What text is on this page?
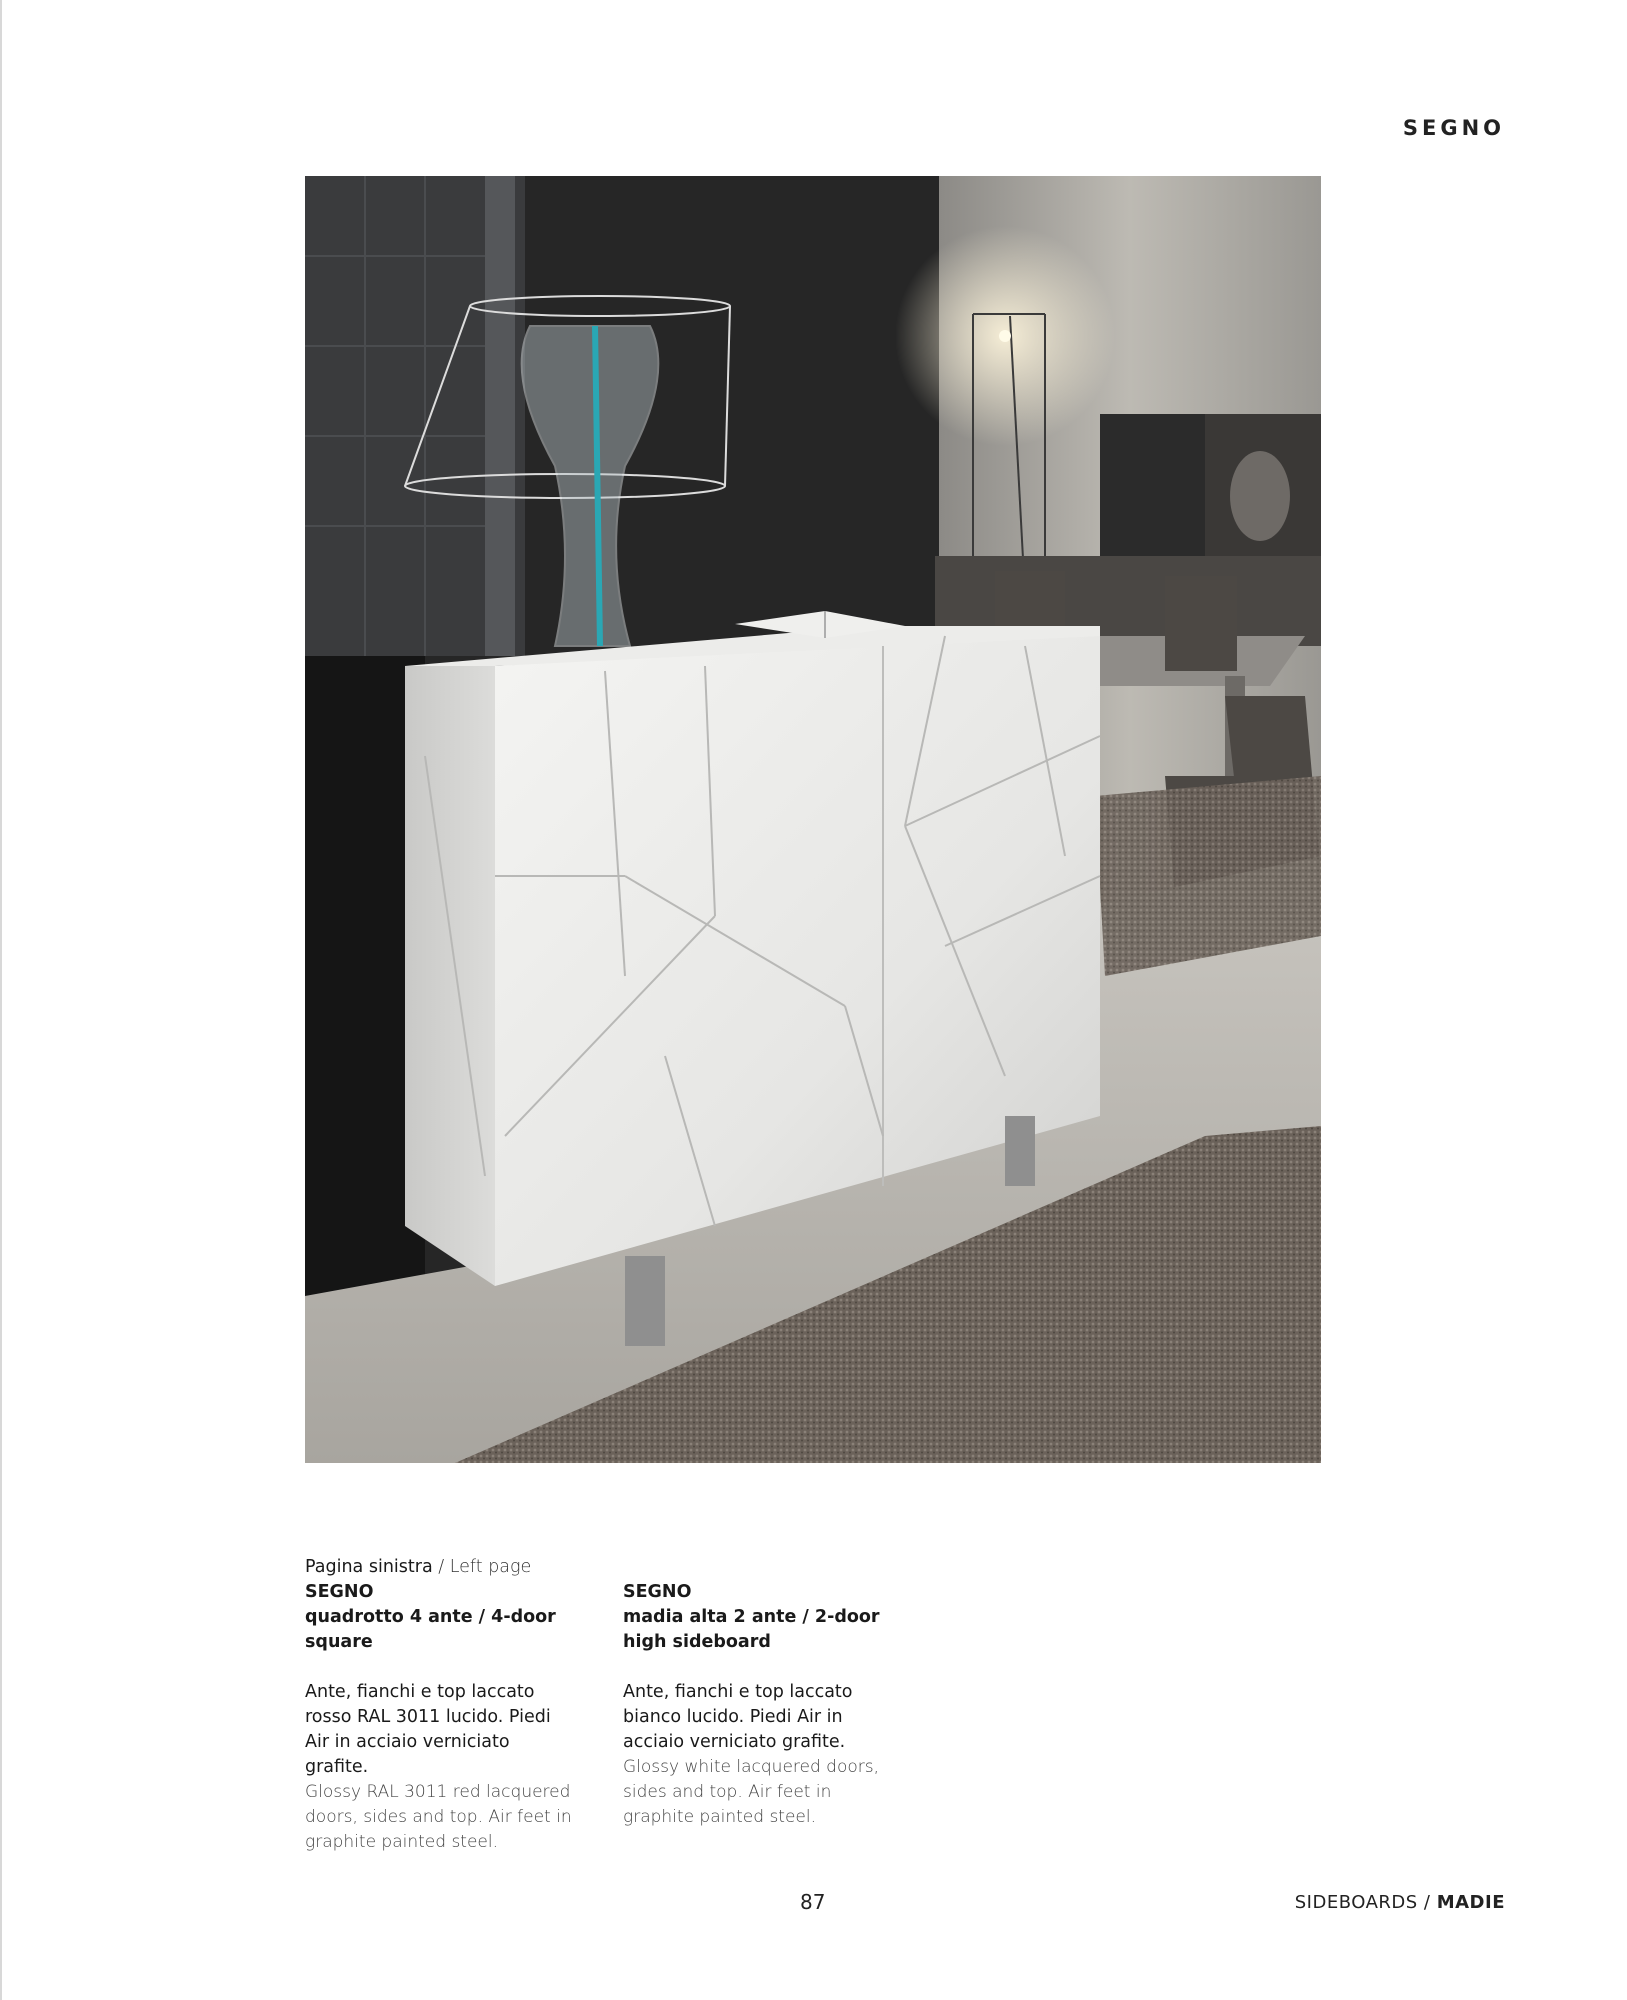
SEGNO
Pagina sinistra / Left page
SEGNO
quadrotto 4 ante / 4-door
square
Ante, fianchi e top laccato
rosso RAL 3011 lucido. Piedi
Air in acciaio verniciato
grafite.
Glossy RAL 3011 red lacquered
doors, sides and top. Air feet in
graphite painted steel.
SEGNO
madia alta 2 ante / 2-door
high sideboard
Ante, fianchi e top laccato
bianco lucido. Piedi Air in
acciaio verniciato grafite.
Glossy white lacquered doors,
sides and top. Air feet in
graphite painted steel.
87	SIDEBOARDS / MADIE
